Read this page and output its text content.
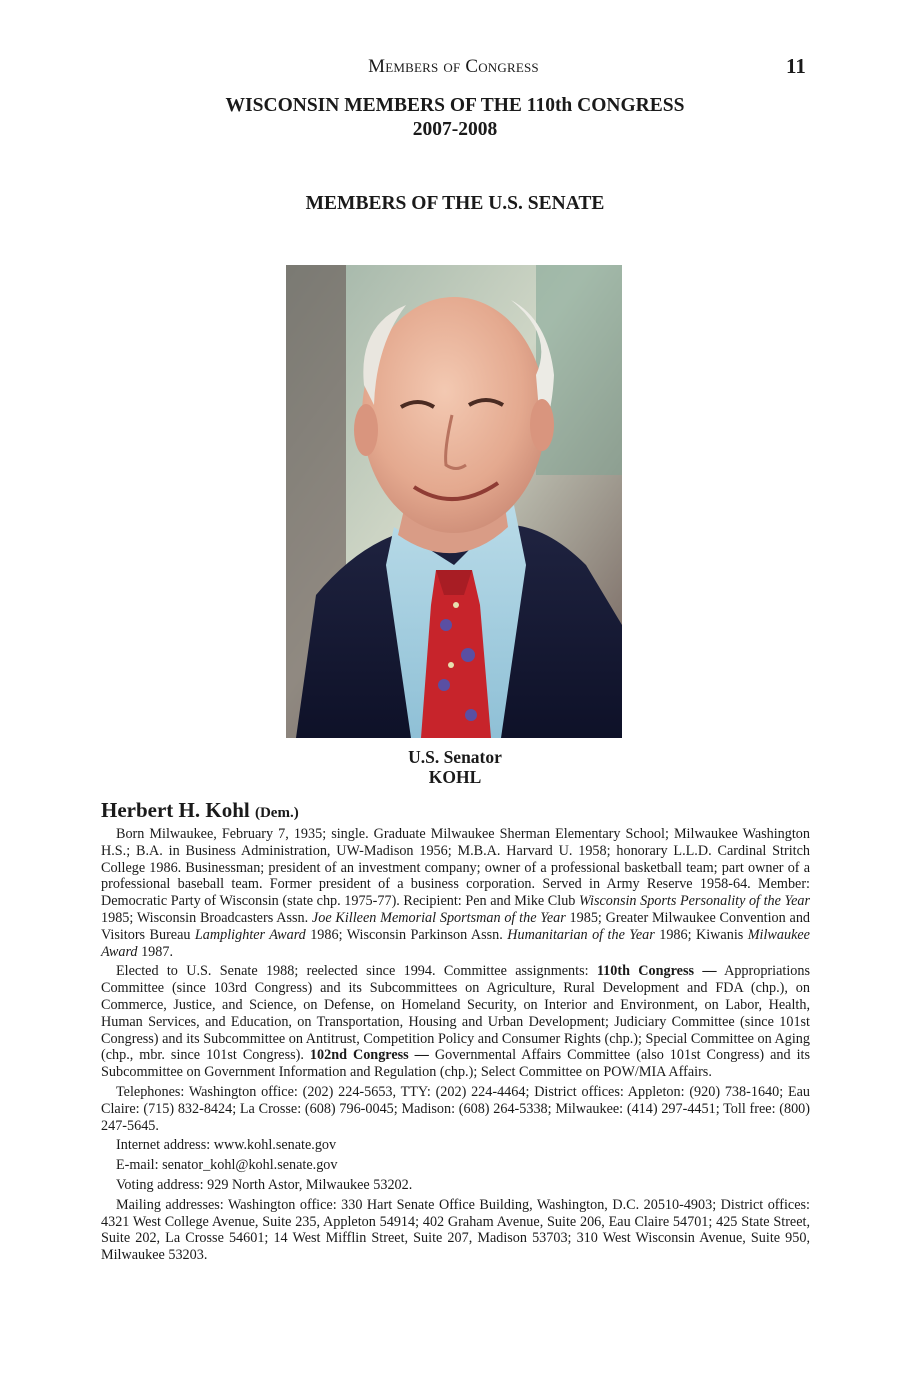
Members of Congress	11
WISCONSIN MEMBERS OF THE 110th CONGRESS
2007-2008
MEMBERS OF THE U.S. SENATE
U.S. Senator
KOHL
Herbert H. Kohl (Dem.)

Born Milwaukee, February 7, 1935; single. Graduate Milwaukee Sherman Elementary School; Milwaukee Washington H.S.; B.A. in Business Administration, UW-Madison 1956; M.B.A. Harvard U. 1958; honorary L.L.D. Cardinal Stritch College 1986. Businessman; president of an investment company; owner of a professional basketball team; part owner of a professional baseball team. Former president of a business corporation. Served in Army Reserve 1958-64. Member: Democratic Party of Wisconsin (state chp. 1975-77). Recipient: Pen and Mike Club Wisconsin Sports Personality of the Year 1985; Wisconsin Broadcasters Assn. Joe Killeen Memorial Sportsman of the Year 1985; Greater Milwaukee Convention and Visitors Bureau Lamplighter Award 1986; Wisconsin Parkinson Assn. Humanitarian of the Year 1986; Kiwanis Milwaukee Award 1987.

Elected to U.S. Senate 1988; reelected since 1994. Committee assignments: 110th Congress — Appropriations Committee (since 103rd Congress) and its Subcommittees on Agriculture, Rural Development and FDA (chp.), on Commerce, Justice, and Science, on Defense, on Homeland Security, on Interior and Environment, on Labor, Health, Human Services, and Education, on Transportation, Housing and Urban Development; Judiciary Committee (since 101st Congress) and its Subcommittee on Antitrust, Competition Policy and Consumer Rights (chp.); Special Committee on Aging (chp., mbr. since 101st Congress). 102nd Congress — Governmental Affairs Committee (also 101st Congress) and its Subcommittee on Government Information and Regulation (chp.); Select Committee on POW/MIA Affairs.

Telephones: Washington office: (202) 224-5653, TTY: (202) 224-4464; District offices: Appleton: (920) 738-1640; Eau Claire: (715) 832-8424; La Crosse: (608) 796-0045; Madison: (608) 264-5338; Milwaukee: (414) 297-4451; Toll free: (800) 247-5645.

Internet address: www.kohl.senate.gov

E-mail: senator_kohl@kohl.senate.gov

Voting address: 929 North Astor, Milwaukee 53202.

Mailing addresses: Washington office: 330 Hart Senate Office Building, Washington, D.C. 20510-4903; District offices: 4321 West College Avenue, Suite 235, Appleton 54914; 402 Graham Avenue, Suite 206, Eau Claire 54701; 425 State Street, Suite 202, La Crosse 54601; 14 West Mifflin Street, Suite 207, Madison 53703; 310 West Wisconsin Avenue, Suite 950, Milwaukee 53203.
